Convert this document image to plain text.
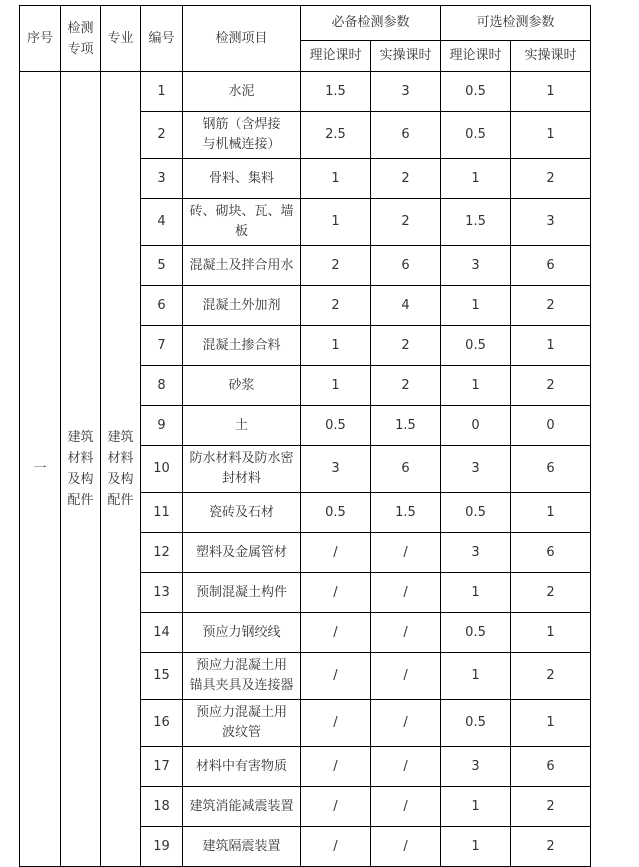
序号	检测
专项	专业	编号	检测项目	必备检测参数		可选检测参数	
					理论课时	实操课时	理论课时	实操课时
一	建筑
材料
及构
配件	建筑
材料
及构
配件	1	水泥	1.5	3	0.5	1
			2	钢筋（含焊接
与机械连接）	2.5	6	0.5	1
			3	骨料、集料	1	2	1	2
			4	砖、砌块、瓦、墙
板	1	2	1.5	3
			5	混凝土及拌合用水	2	6	3	6
			6	混凝土外加剂	2	4	1	2
			7	混凝土掺合料	1	2	0.5	1
			8	砂浆	1	2	1	2
			9	土	0.5	1.5	0	0
			10	防水材料及防水密
封材料	3	6	3	6
			11	瓷砖及石材	0.5	1.5	0.5	1
			12	塑料及金属管材	/	/	3	6
			13	预制混凝土构件	/	/	1	2
			14	预应力钢绞线	/	/	0.5	1
			15	预应力混凝土用
锚具夹具及连接器	/	/	1	2
			16	预应力混凝土用
波纹管	/	/	0.5	1
			17	材料中有害物质	/	/	3	6
			18	建筑消能减震装置	/	/	1	2
			19	建筑隔震装置	/	/	1	2
